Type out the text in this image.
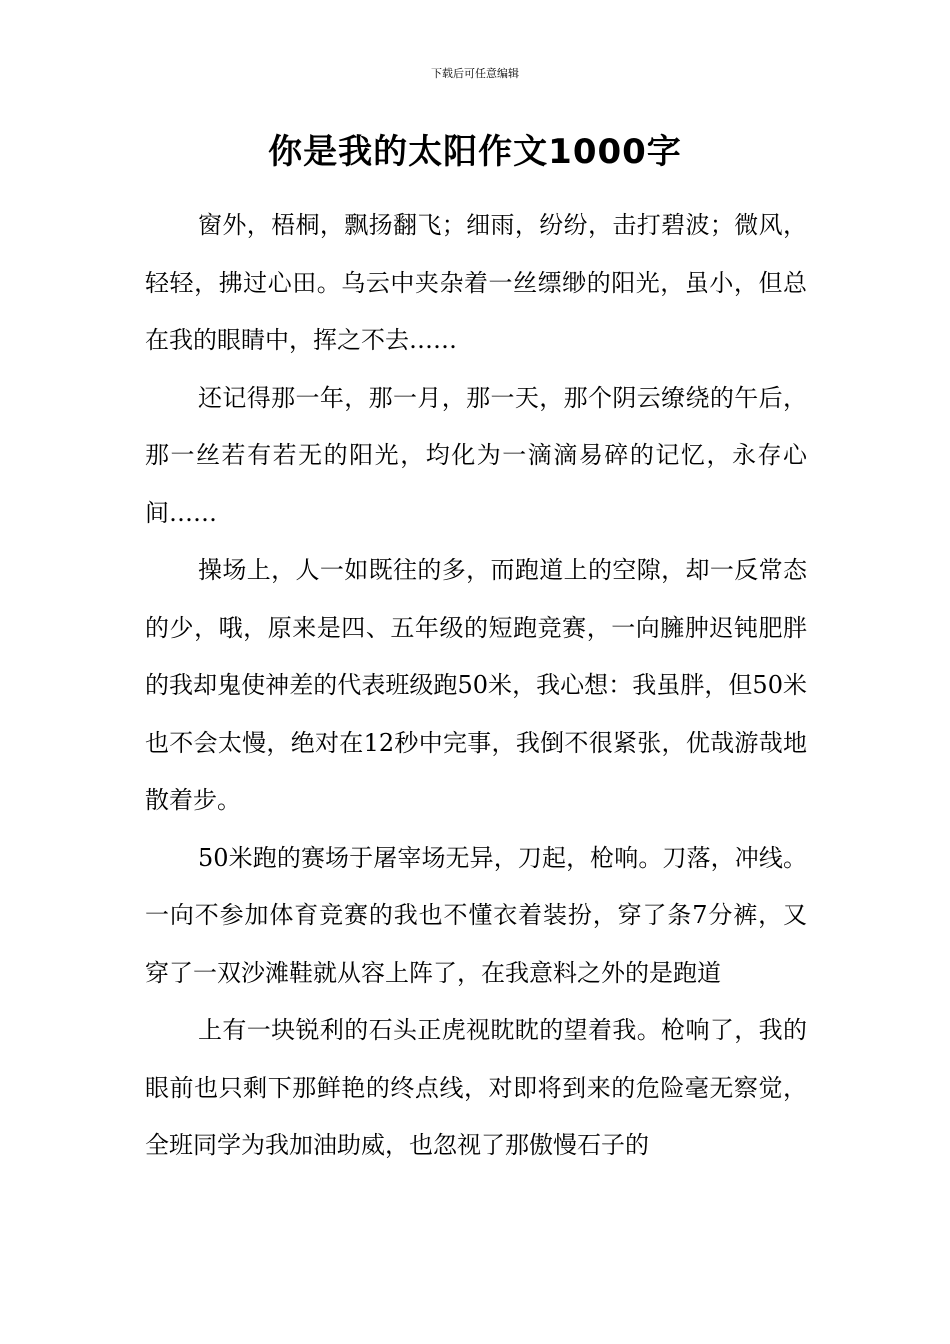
下载后可任意编辑
你是我的太阳作文1000字

窗外，梧桐，飘扬翻飞；细雨，纷纷，击打碧波；微风，轻轻，拂过心田。乌云中夹杂着一丝缥缈的阳光，虽小，但总在我的眼睛中，挥之不去……

还记得那一年，那一月，那一天，那个阴云缭绕的午后，那一丝若有若无的阳光，均化为一滴滴易碎的记忆，永存心间……

操场上，人一如既往的多，而跑道上的空隙，却一反常态的少，哦，原来是四、五年级的短跑竞赛，一向臃肿迟钝肥胖的我却鬼使神差的代表班级跑50米，我心想：我虽胖，但50米也不会太慢，绝对在12秒中完事，我倒不很紧张，优哉游哉地散着步。

50米跑的赛场于屠宰场无异，刀起，枪响。刀落，冲线。一向不参加体育竞赛的我也不懂衣着装扮，穿了条7分裤，又穿了一双沙滩鞋就从容上阵了，在我意料之外的是跑道

上有一块锐利的石头正虎视眈眈的望着我。枪响了，我的眼前也只剩下那鲜艳的终点线，对即将到来的危险毫无察觉，全班同学为我加油助威，也忽视了那傲慢石子的
